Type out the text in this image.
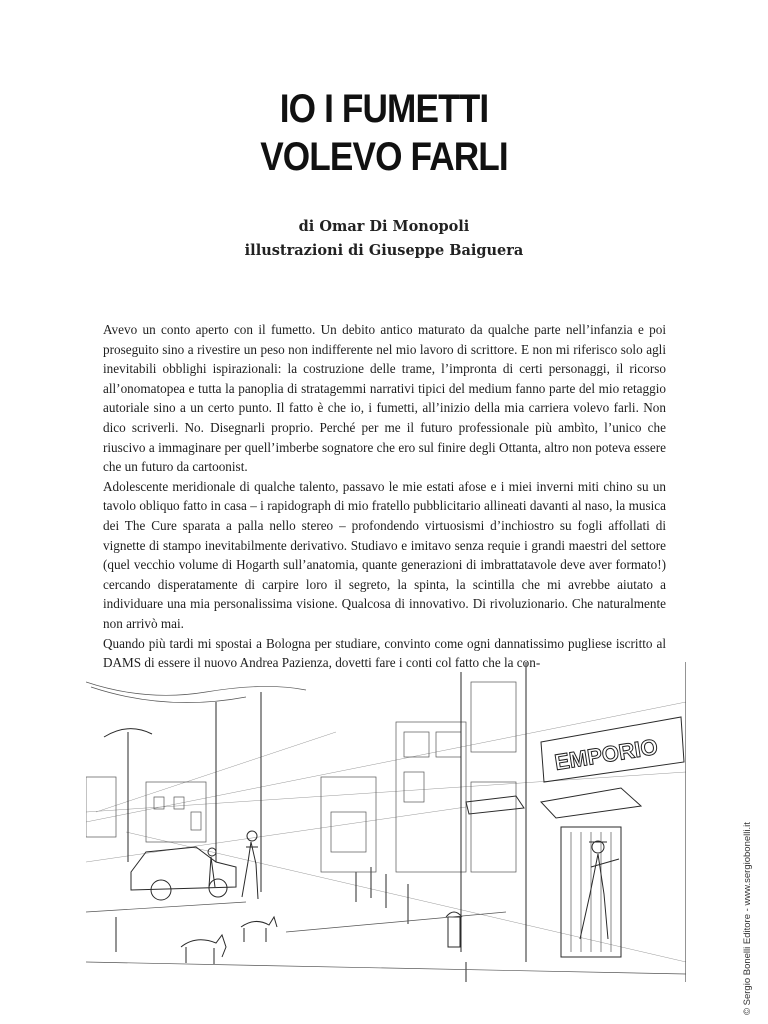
IO I FUMETTI
VOLEVO FARLI
di Omar Di Monopoli
illustrazioni di Giuseppe Baiguera

Avevo un conto aperto con il fumetto. Un debito antico maturato da qualche parte nell’infanzia e poi proseguito sino a rivestire un peso non indifferente nel mio lavoro di scrittore. E non mi riferisco solo agli inevitabili obblighi ispirazionali: la costruzione delle trame, l’impronta di certi personaggi, il ricorso all’onomatopea e tutta la panoplia di stratagemmi narrativi tipici del medium fanno parte del mio retaggio autoriale sino a un certo punto. Il fatto è che io, i fumetti, all’inizio della mia carriera volevo farli. Non dico scriverli. No. Disegnarli proprio. Perché per me il futuro professionale più ambìto, l’unico che riuscivo a immaginare per quell’imberbe sognatore che ero sul finire degli Ottanta, altro non poteva essere che un futuro da cartoonist.

Adolescente meridionale di qualche talento, passavo le mie estati afose e i miei inverni miti chino su un tavolo obliquo fatto in casa – i rapidograph di mio fratello pubblicitario allineati davanti al naso, la musica dei The Cure sparata a palla nello stereo – profondendo virtuosismi d’inchiostro su fogli affollati di vignette di stampo inevitabilmente derivativo. Studiavo e imitavo senza requie i grandi maestri del settore (quel vecchio volume di Hogarth sull’anatomia, quante generazioni di imbrattatavole deve aver formato!) cercando disperatamente di carpire loro il segreto, la spinta, la scintilla che mi avrebbe aiutato a individuare una mia personalissima visione. Qualcosa di innovativo. Di rivoluzionario. Che naturalmente non arrivò mai.

Quando più tardi mi spostai a Bologna per studiare, convinto come ogni dannatissimo pugliese iscritto al DAMS di essere il nuovo Andrea Pazienza, dovetti fare i conti col fatto che la con-

EMPORIO
© Sergio Bonelli Editore - www.sergiobonelli.it
